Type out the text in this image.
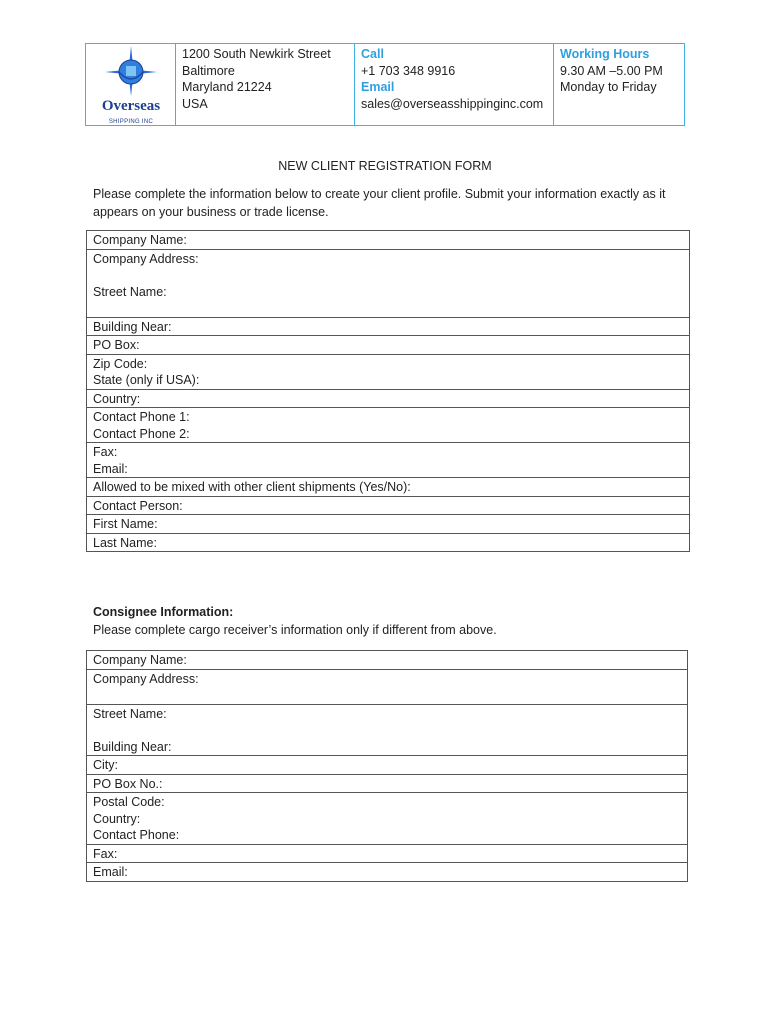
Overseas
SHIPPING INC
1200 South Newkirk Street
Baltimore
Maryland 21224
USA
Call
+1 703 348 9916
Email
sales@overseasshippinginc.com
Working Hours
9.30 AM –5.00 PM
Monday to Friday
NEW CLIENT REGISTRATION FORM
Please complete the information below to create your client profile. Submit your information exactly as it appears on your business or trade license.
Company Name:

Company Address:

Street Name:

Building Near:

PO Box:

Zip Code:
State (only if USA):

Country:

Contact Phone 1:
Contact Phone 2:

Fax:
Email:

Allowed to be mixed with other client shipments (Yes/No):

Contact Person:

First Name:

Last Name:
Consignee Information:
Please complete cargo receiver’s information only if different from above.
Company Name:

Company Address:

Street Name:

Building Near:

City:

PO Box No.:

Postal Code:
Country:
Contact Phone:

Fax:

Email:
